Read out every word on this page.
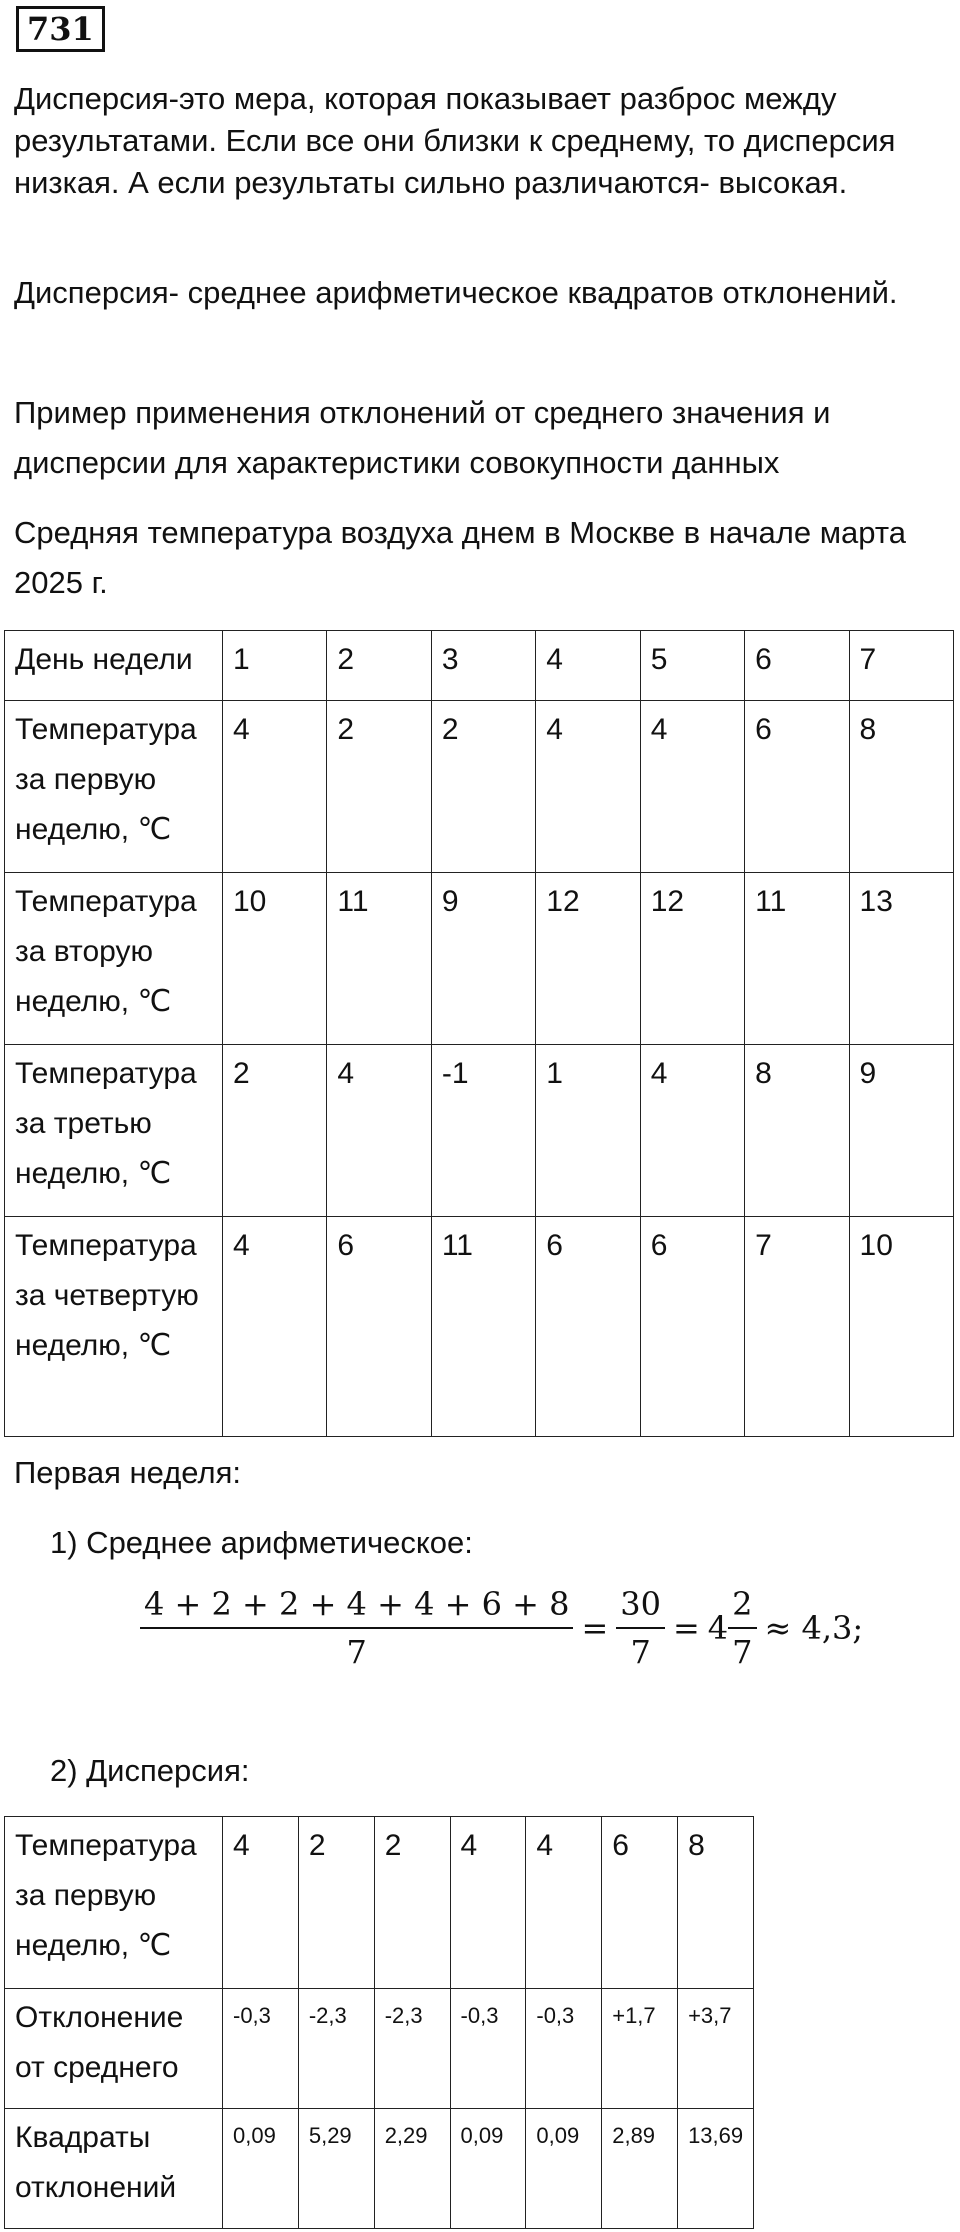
731

Дисперсия-это мера, которая показывает разброс между результатами. Если все они близки к среднему, то дисперсия низкая. А если результаты сильно различаются- высокая.

Дисперсия- среднее арифметическое квадратов отклонений.

Пример применения отклонений от среднего значения и дисперсии для характеристики совокупности данных

Средняя температура воздуха днем в Москве в начале марта 2025 г.

День недели	1	2	3	4	5	6	7
Температура за первую неделю, ℃	4	2	2	4	4	6	8
Температура за вторую неделю, ℃	10	11	9	12	12	11	13
Температура за третью неделю, ℃	2	4	-1	1	4	8	9
Температура за четвертую неделю, ℃	4	6	11	6	6	7	10
Первая неделя:
1) Среднее арифметическое:
$\frac{4 + 2 + 2 + 4 + 4 + 6 + 8}{7} = \frac{30}{7} = 4 \frac{2}{7} \approx 4,3$;
2) Дисперсия:
Температура за первую неделю, ℃	4	2	2	4	4	6	8
Отклонение от среднего	-0,3	-2,3	-2,3	-0,3	-0,3	+1,7	+3,7
Квадраты отклонений	0,09	5,29	2,29	0,09	0,09	2,89	13,69
